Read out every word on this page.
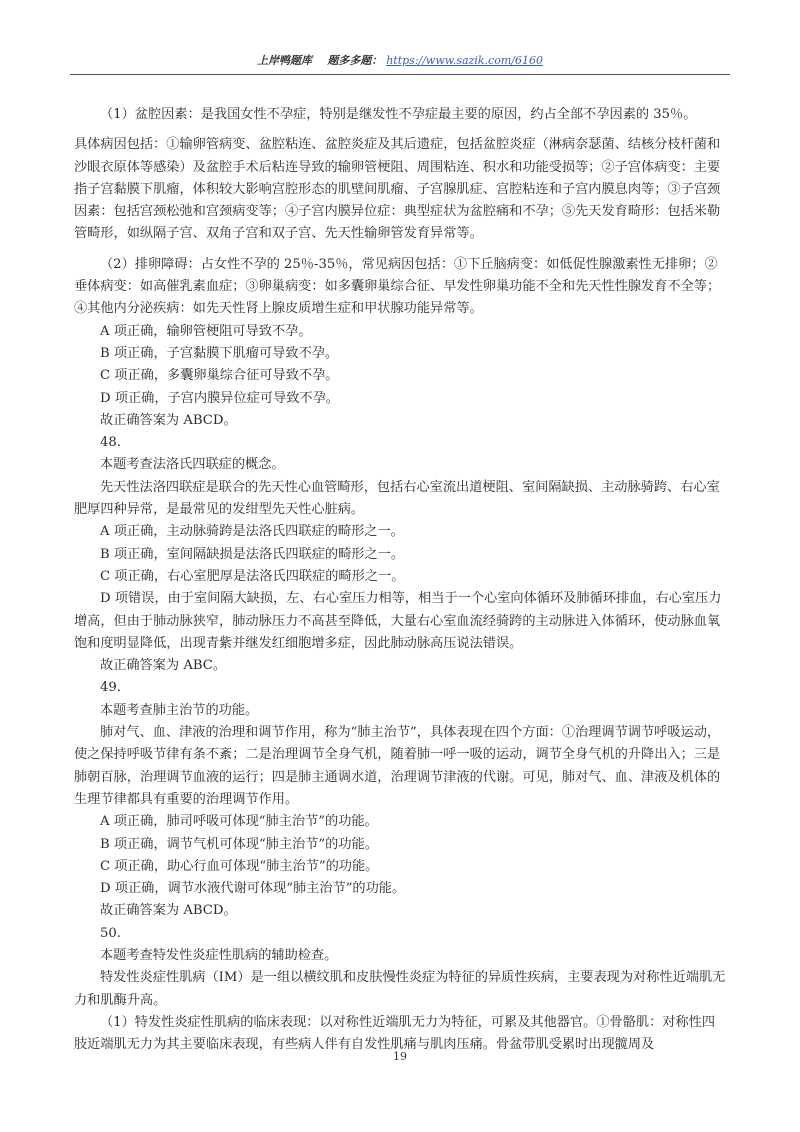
上岸鸭题库 题多多题： https://www.sazik.com/6160

（1）盆腔因素：是我国女性不孕症，特别是继发性不孕症最主要的原因，约占全部不孕因素的 35％。

具体病因包括：①输卵管病变、盆腔粘连、盆腔炎症及其后遗症，包括盆腔炎症（淋病奈瑟菌、结核分枝杆菌和沙眼衣原体等感染）及盆腔手术后粘连导致的输卵管梗阻、周围粘连、积水和功能受损等；②子宫体病变：主要指子宫黏膜下肌瘤，体积较大影响宫腔形态的肌壁间肌瘤、子宫腺肌症、宫腔粘连和子宫内膜息肉等；③子宫颈因素：包括宫颈松弛和宫颈病变等；④子宫内膜异位症：典型症状为盆腔痛和不孕；⑤先天发育畸形：包括米勒管畸形，如纵隔子宫、双角子宫和双子宫、先天性输卵管发育异常等。

（2）排卵障碍：占女性不孕的 25％-35％，常见病因包括：①下丘脑病变：如低促性腺激素性无排卵；②垂体病变：如高催乳素血症；③卵巢病变：如多囊卵巢综合征、早发性卵巢功能不全和先天性性腺发育不全等；④其他内分泌疾病：如先天性肾上腺皮质增生症和甲状腺功能异常等。

A 项正确，输卵管梗阻可导致不孕。

B 项正确，子宫黏膜下肌瘤可导致不孕。

C 项正确，多囊卵巢综合征可导致不孕。

D 项正确，子宫内膜异位症可导致不孕。

故正确答案为 ABCD。

48.

本题考查法洛氏四联症的概念。

先天性法洛四联症是联合的先天性心血管畸形，包括右心室流出道梗阻、室间隔缺损、主动脉骑跨、右心室肥厚四种异常，是最常见的发绀型先天性心脏病。

A 项正确，主动脉骑跨是法洛氏四联症的畸形之一。

B 项正确，室间隔缺损是法洛氏四联症的畸形之一。

C 项正确，右心室肥厚是法洛氏四联症的畸形之一。

D 项错误，由于室间隔大缺损，左、右心室压力相等，相当于一个心室向体循环及肺循环排血，右心室压力增高，但由于肺动脉狭窄，肺动脉压力不高甚至降低，大量右心室血流经骑跨的主动脉进入体循环，使动脉血氧饱和度明显降低，出现青紫并继发红细胞增多症，因此肺动脉高压说法错误。

故正确答案为 ABC。

49.

本题考查肺主治节的功能。

肺对气、血、津液的治理和调节作用，称为“肺主治节”，具体表现在四个方面：①治理调节调节呼吸运动，使之保持呼吸节律有条不紊；二是治理调节全身气机，随着肺一呼一吸的运动，调节全身气机的升降出入；三是肺朝百脉，治理调节血液的运行；四是肺主通调水道，治理调节津液的代谢。可见，肺对气、血、津液及机体的生理节律都具有重要的治理调节作用。

A 项正确，肺司呼吸可体现“肺主治节”的功能。

B 项正确，调节气机可体现“肺主治节”的功能。

C 项正确，助心行血可体现“肺主治节”的功能。

D 项正确，调节水液代谢可体现“肺主治节”的功能。

故正确答案为 ABCD。

50.

本题考查特发性炎症性肌病的辅助检查。

特发性炎症性肌病（IM）是一组以横纹肌和皮肤慢性炎症为特征的异质性疾病，主要表现为对称性近端肌无力和肌酶升高。

（1）特发性炎症性肌病的临床表现：以对称性近端肌无力为特征，可累及其他器官。①骨骼肌：对称性四肢近端肌无力为其主要临床表现，有些病人伴有自发性肌痛与肌肉压痛。骨盆带肌受累时出现髋周及

19
